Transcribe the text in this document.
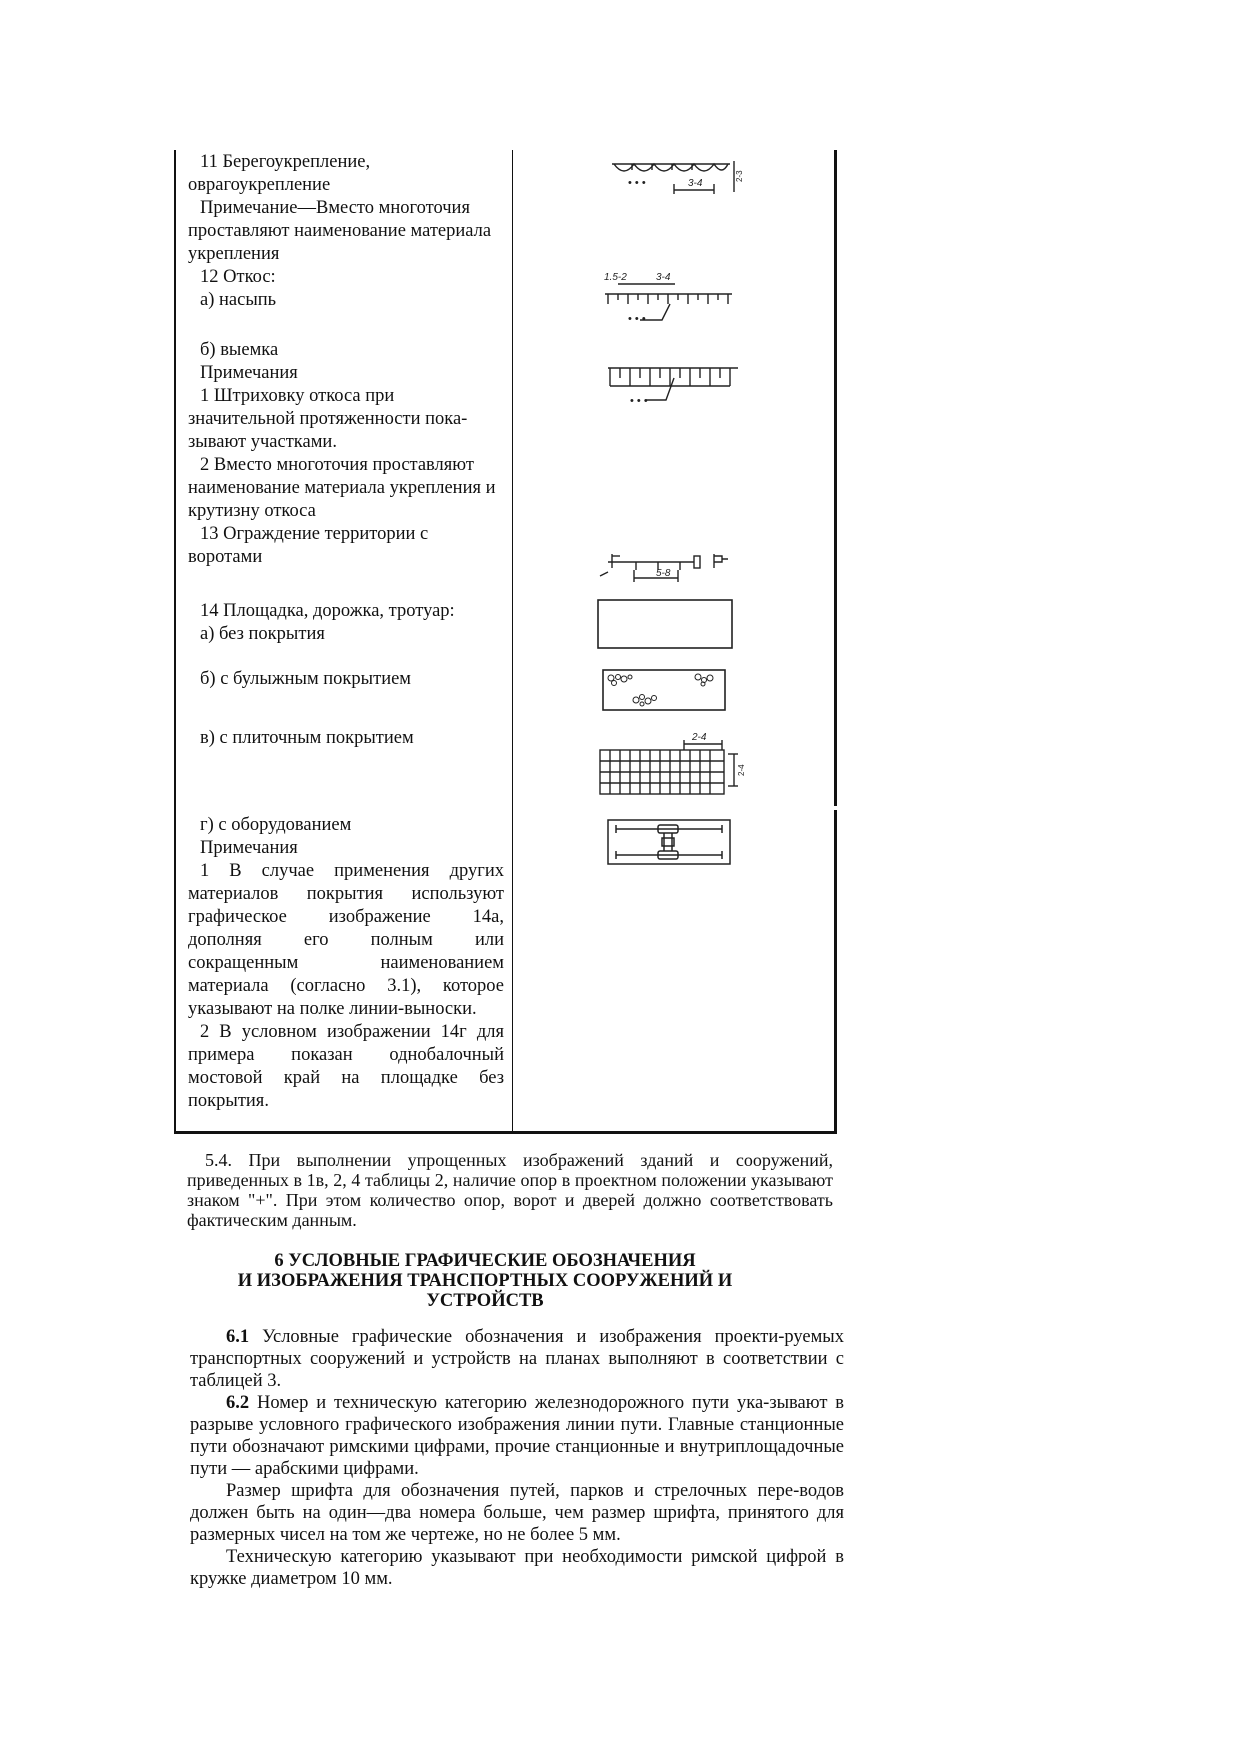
11 Берегоукрепление, оврагоукрепление

Примечание—Вместо многоточия проставляют наименование материала укрепления

12 Откос:

а) насыпь

б) выемка

Примечания

1 Штриховку откоса при значительной протяженности пока-зывают участками.

2 Вместо многоточия проставляют наименование материала укрепления и крутизну откоса

13 Ограждение территории с воротами

14 Площадка, дорожка, тротуар:

а) без покрытия

б) с булыжным покрытием

в) с плиточным покрытием

г) с оборудованием

Примечания

1 В случае применения других материалов покрытия используют графическое изображение 14а, дополняя его полным или сокращенным наименованием материала (согласно 3.1), которое указывают на полке линии-выноски.

2 В условном изображении 14г для примера показан однобалочный мостовой край на площадке без покрытия.

3-4
2-3
• • •
1.5-2	3-4
• • •
• • •
5-8
2-4
2-4

5.4. При выполнении упрощенных изображений зданий и сооружений, приведенных в 1в, 2, 4 таблицы 2, наличие опор в проектном положении указывают знаком "+". При этом количество опор, ворот и дверей должно соответствовать фактическим данным.

6 УСЛОВНЫЕ ГРАФИЧЕСКИЕ ОБОЗНАЧЕНИЯ

И ИЗОБРАЖЕНИЯ ТРАНСПОРТНЫХ СООРУЖЕНИЙ И

УСТРОЙСТВ

6.1 Условные графические обозначения и изображения проекти-руемых транспортных сооружений и устройств на планах выполняют в соответствии с таблицей 3.

6.2 Номер и техническую категорию железнодорожного пути ука-зывают в разрыве условного графического изображения линии пути. Главные станционные пути обозначают римскими цифрами, прочие станционные и внутриплощадочные пути — арабскими цифрами.

Размер шрифта для обозначения путей, парков и стрелочных пере-водов должен быть на один—два номера больше, чем размер шрифта, принятого для размерных чисел на том же чертеже, но не более 5 мм.

Техническую категорию указывают при необходимости римской цифрой в кружке диаметром 10 мм.
